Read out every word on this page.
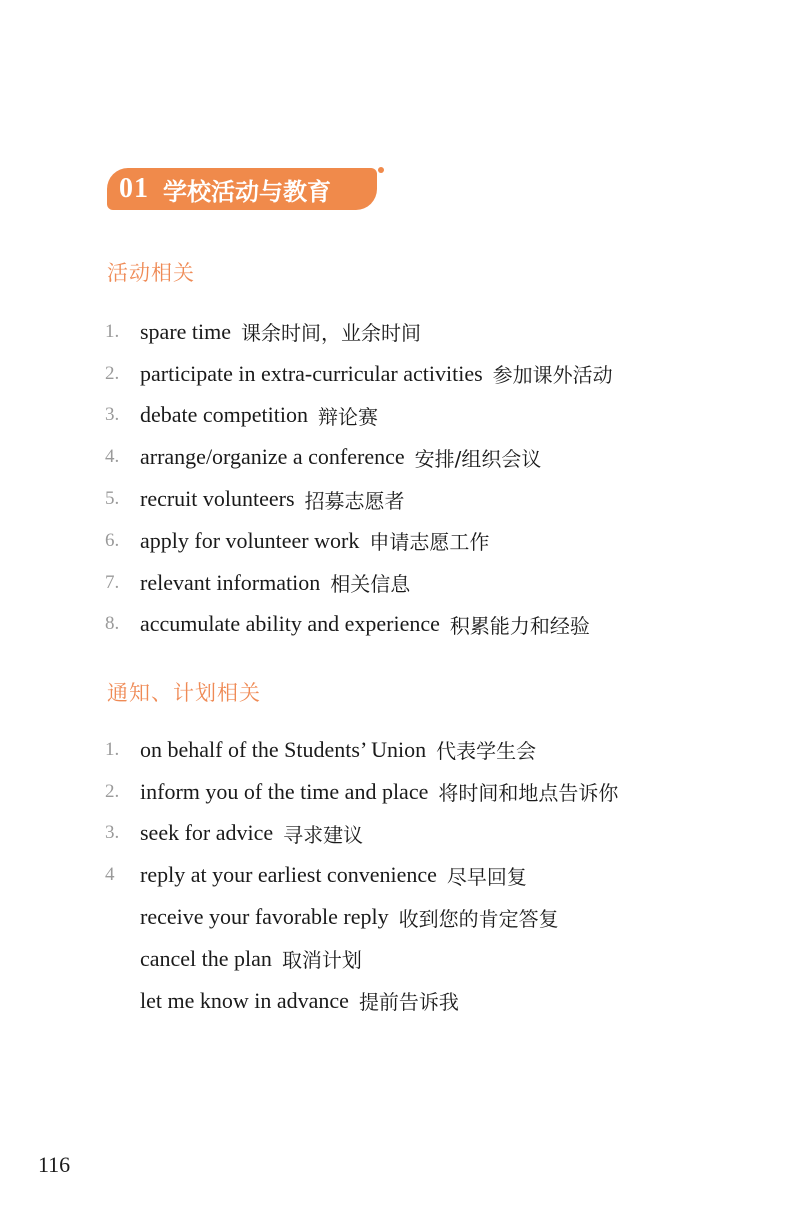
01 学校活动与教育
活动相关
1. spare time 课余时间，业余时间
2. participate in extra-curricular activities 参加课外活动
3. debate competition 辩论赛
4. arrange/organize a conference 安排/组织会议
5. recruit volunteers 招募志愿者
6. apply for volunteer work 申请志愿工作
7. relevant information 相关信息
8. accumulate ability and experience 积累能力和经验
通知、计划相关
1. on behalf of the Students’ Union 代表学生会
2. inform you of the time and place 将时间和地点告诉你
3. seek for advice 寻求建议
4	reply at your earliest convenience 尽早回复
receive your favorable reply 收到您的肯定答复
cancel the plan 取消计划
let me know in advance 提前告诉我
116
